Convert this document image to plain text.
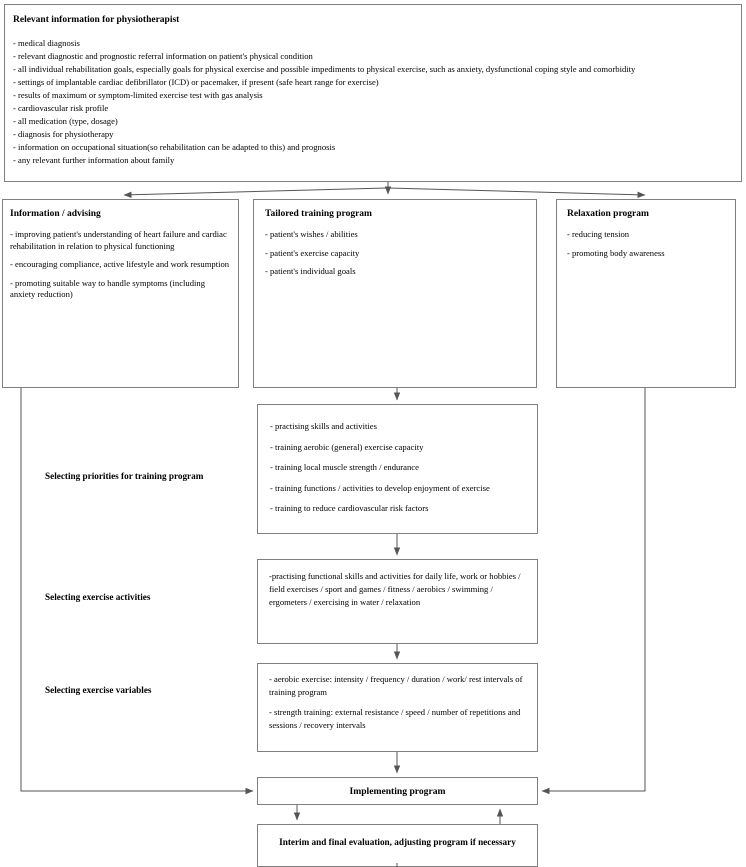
Relevant information for physiotherapist
- medical diagnosis
- relevant diagnostic and prognostic referral information on patient's physical condition
- all individual rehabilitation goals, especially goals for physical exercise and possible impediments to physical exercise, such as anxiety, dysfunctional coping style and comorbidity
- settings of implantable cardiac defibrillator (ICD) or pacemaker, if present (safe heart range for exercise)
- results of maximum or symptom-limited exercise test with gas analysis
- cardiovascular risk profile
- all medication (type, dosage)
- diagnosis for physiotherapy
- information on occupational situation(so rehabilitation can be adapted to this) and prognosis
- any relevant further information about family
Information / advising
- improving patient's understanding of heart failure and cardiac rehabilitation in relation to physical functioning
- encouraging compliance, active lifestyle and work resumption
- promoting suitable way to handle symptoms (including anxiety reduction)
Tailored training program
- patient's wishes / abilities
- patient's exercise capacity
- patient's individual goals
Relaxation program
- reducing tension
- promoting body awareness
Selecting priorities for training program
Selecting exercise activities
Selecting exercise variables
- practising skills and activities
- training aerobic (general) exercise capacity
- training local muscle strength / endurance
- training functions / activities to develop enjoyment of exercise
- training to reduce cardiovascular risk factors
-practising functional skills and activities for daily life, work or hobbies / field exercises / sport and games / fitness / aerobics / swimming / ergometers / exercising in water / relaxation
- aerobic exercise: intensity / frequency / duration / work/ rest intervals of training program
- strength training: external resistance / speed / number of repetitions and sessions / recovery intervals
Implementing program
Interim and final evaluation, adjusting program if necessary
